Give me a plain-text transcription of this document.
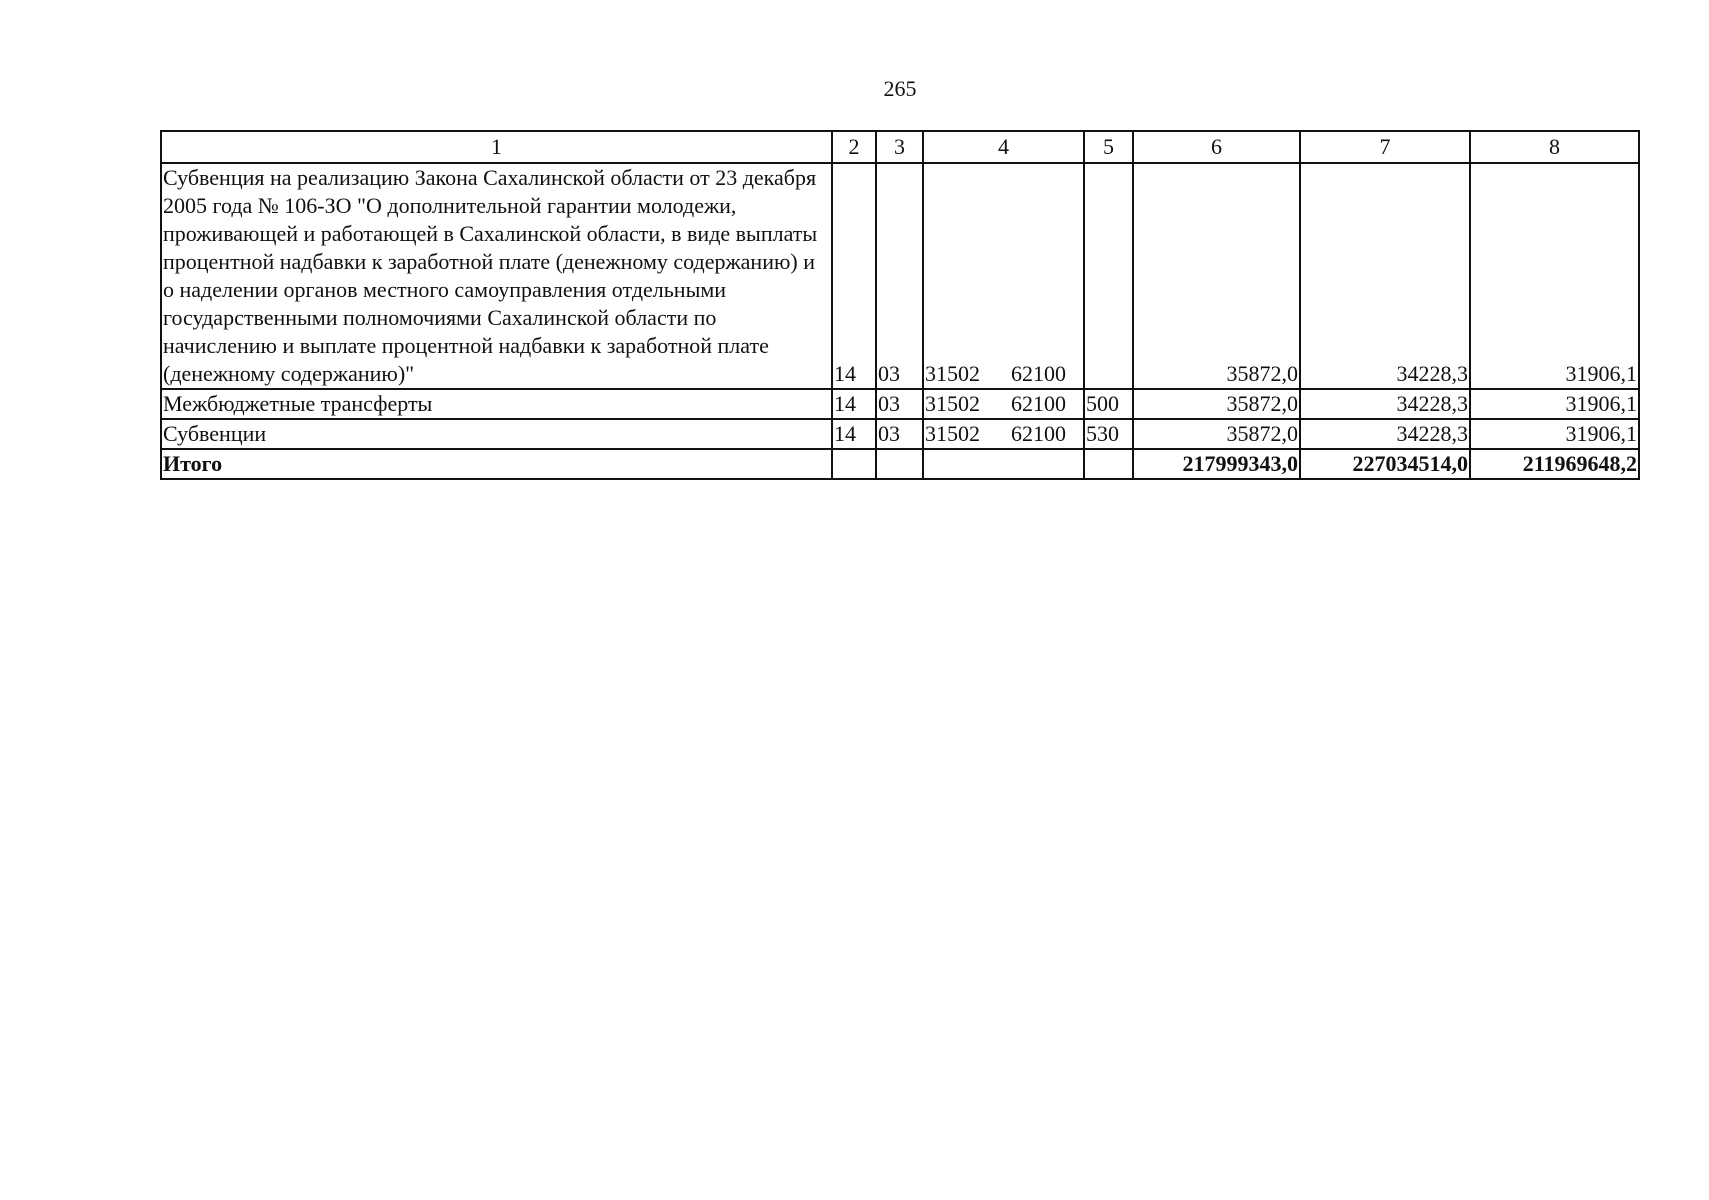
265
1	2	3	4	5	6	7	8
Субвенция на реализацию Закона Сахалинской области от 23 декабря 2005 года № 106-ЗО "О дополнительной гарантии молодежи, проживающей и работающей в Сахалинской области, в виде выплаты процентной надбавки к заработной плате (денежному содержанию) и о наделении органов местного самоуправления отдельными государственными полномочиями Сахалинской области по начислению и выплате процентной надбавки к заработной плате (денежному содержанию)"	14	03	31502 62100		35872,0	34228,3	31906,1
Межбюджетные трансферты	14	03	31502 62100	500	35872,0	34228,3	31906,1
Субвенции	14	03	31502 62100	530	35872,0	34228,3	31906,1
Итого					217999343,0	227034514,0	211969648,2
